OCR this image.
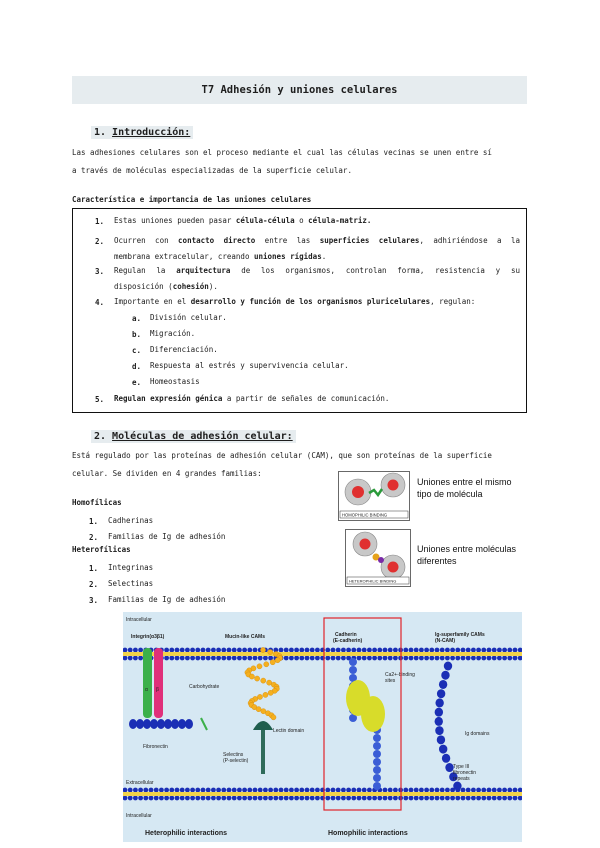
T7 Adhesión y uniones celulares
1. Introducción:
Las adhesiones celulares son el proceso mediante el cual las células vecinas se unen entre sí
a través de moléculas especializadas de la superficie celular.
Característica e importancia de las uniones celulares
1. Estas uniones pueden pasar célula-célula o célula-matriz.
2. Ocurren con contacto directo entre las superficies celulares, adhiriéndose a la
membrana extracelular, creando uniones rígidas.
3. Regulan la arquitectura de los organismos, controlan forma, resistencia y su
disposición (cohesión).
4. Importante en el desarrollo y función de los organismos pluricelulares, regulan:
a. División celular.
b. Migración.
c. Diferenciación.
d. Respuesta al estrés y supervivencia celular.
e. Homeostasis
5. Regulan expresión génica a partir de señales de comunicación.
2. Moléculas de adhesión celular:
Está regulado por las proteínas de adhesión celular (CAM), que son proteínas de la superficie
celular. Se dividen en 4 grandes familias:
Homofílicas
1. Cadherinas
2. Familias de Ig de adhesión
Heterofílicas
1. Integrinas
2. Selectinas
3. Familias de Ig de adhesión
HOMOPHILIC BINDING
Uniones entre el mismo
tipo de molécula
HETEROPHILIC BINDING
Uniones entre moléculas
diferentes
Intracellular
Extracellular
Intracellular
Integrin(α3β1)
α β
Fibronectin
Mucin-like CAMs
Carbohydrate
Lectin domain
Selectins
(P-selectin)
Cadherin
(E-cadherin)
Ca2+-binding
sites
Ig-superfamily CAMs
(N-CAM)
Ig domains
Type III
fibronectin
repeats
Heterophilic interactions	Homophilic interactions
